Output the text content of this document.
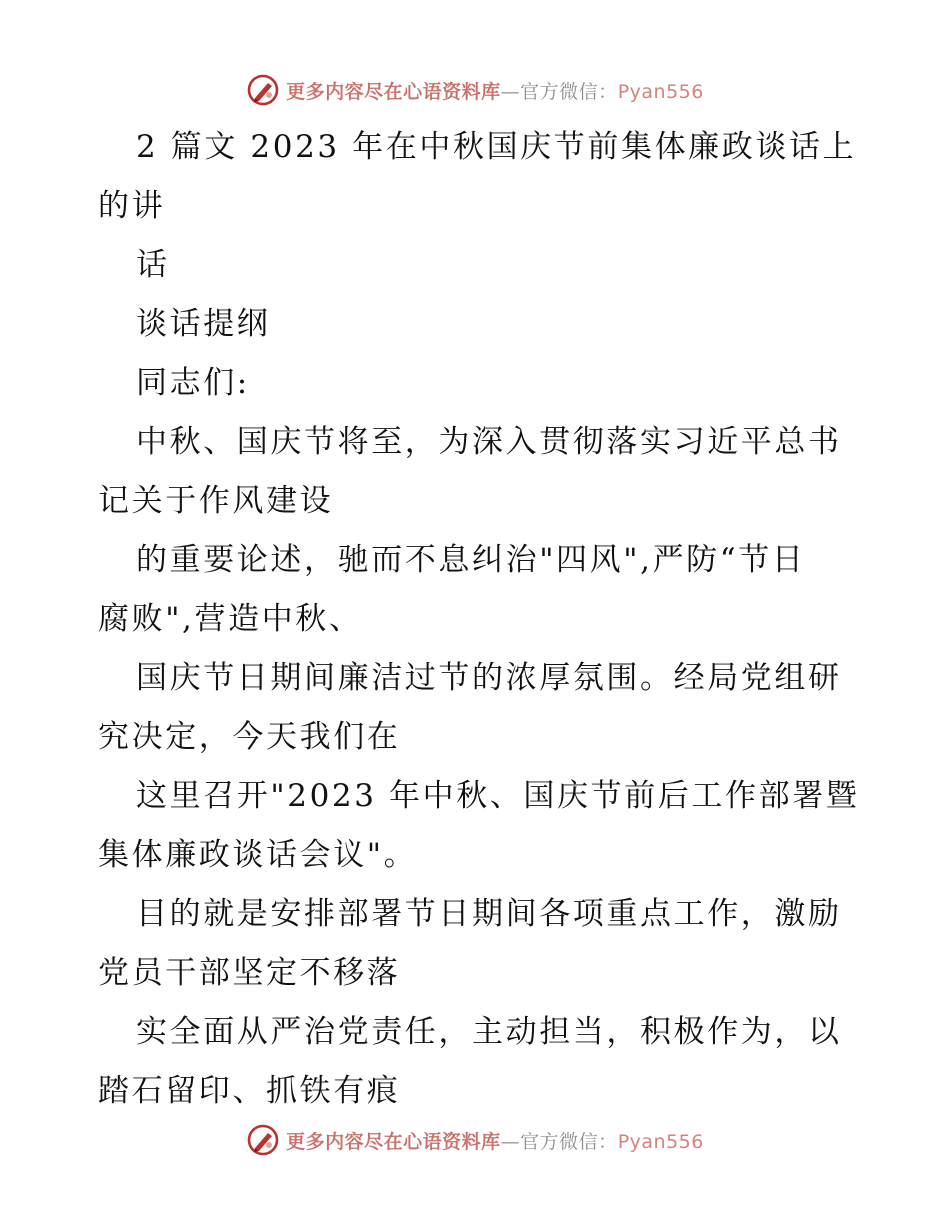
更多内容尽在心语资料库—官方微信：Pyan556

2 篇文 2023 年在中秋国庆节前集体廉政谈话上
的讲

话

谈话提纲

同志们:

中秋、国庆节将至，为深入贯彻落实习近平总书
记关于作风建设

的重要论述，驰而不息纠治"四风",严防“节日
腐败",营造中秋、

国庆节日期间廉洁过节的浓厚氛围。经局党组研
究决定，今天我们在

这里召开"2023 年中秋、国庆节前后工作部署暨
集体廉政谈话会议"。

目的就是安排部署节日期间各项重点工作，激励
党员干部坚定不移落

实全面从严治党责任，主动担当，积极作为，以
踏石留印、抓铁有痕

更多内容尽在心语资料库—官方微信：Pyan556
